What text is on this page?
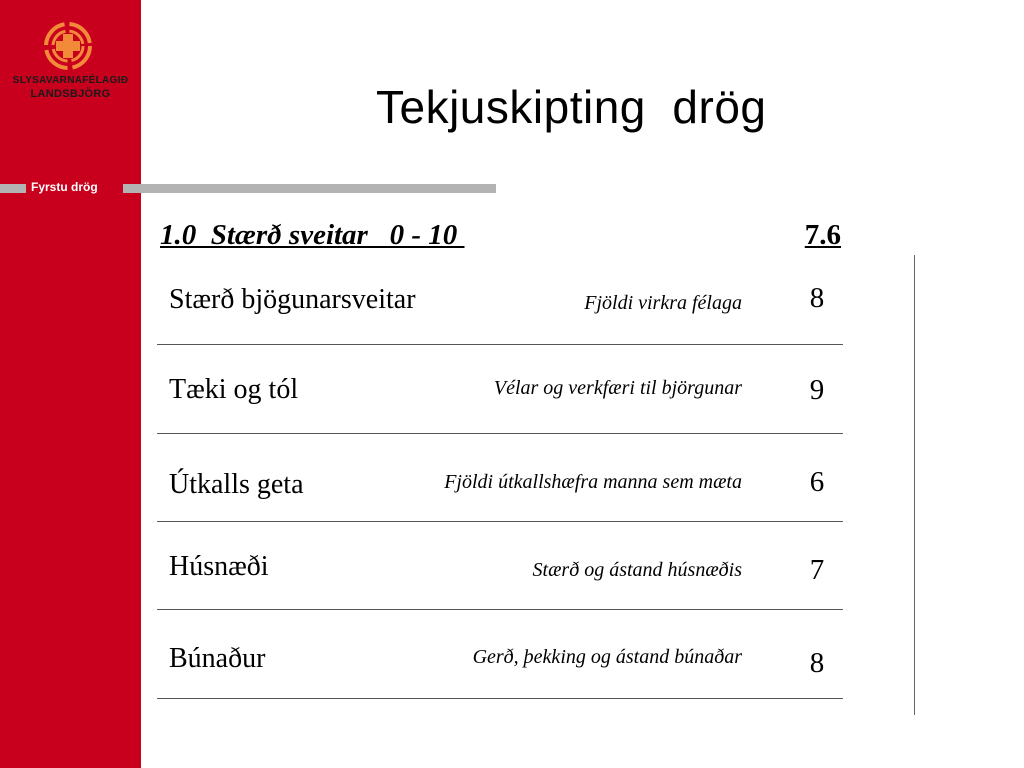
SLYSAVARNAFÉLAGIÐ
LANDSBJÖRG
Fyrstu drög
Tekjuskipting  drög
1.0  Stærð sveitar   0 - 10	7.6
Stærð bjögunarsveitar	Fjöldi virkra félaga	8
Tæki og tól	Vélar og verkfæri til björgunar	9
Útkalls geta	Fjöldi útkallshæfra manna sem mæta	6
Húsnæði	Stærð og ástand húsnæðis	7
Búnaður	Gerð, þekking og ástand búnaðar	8
